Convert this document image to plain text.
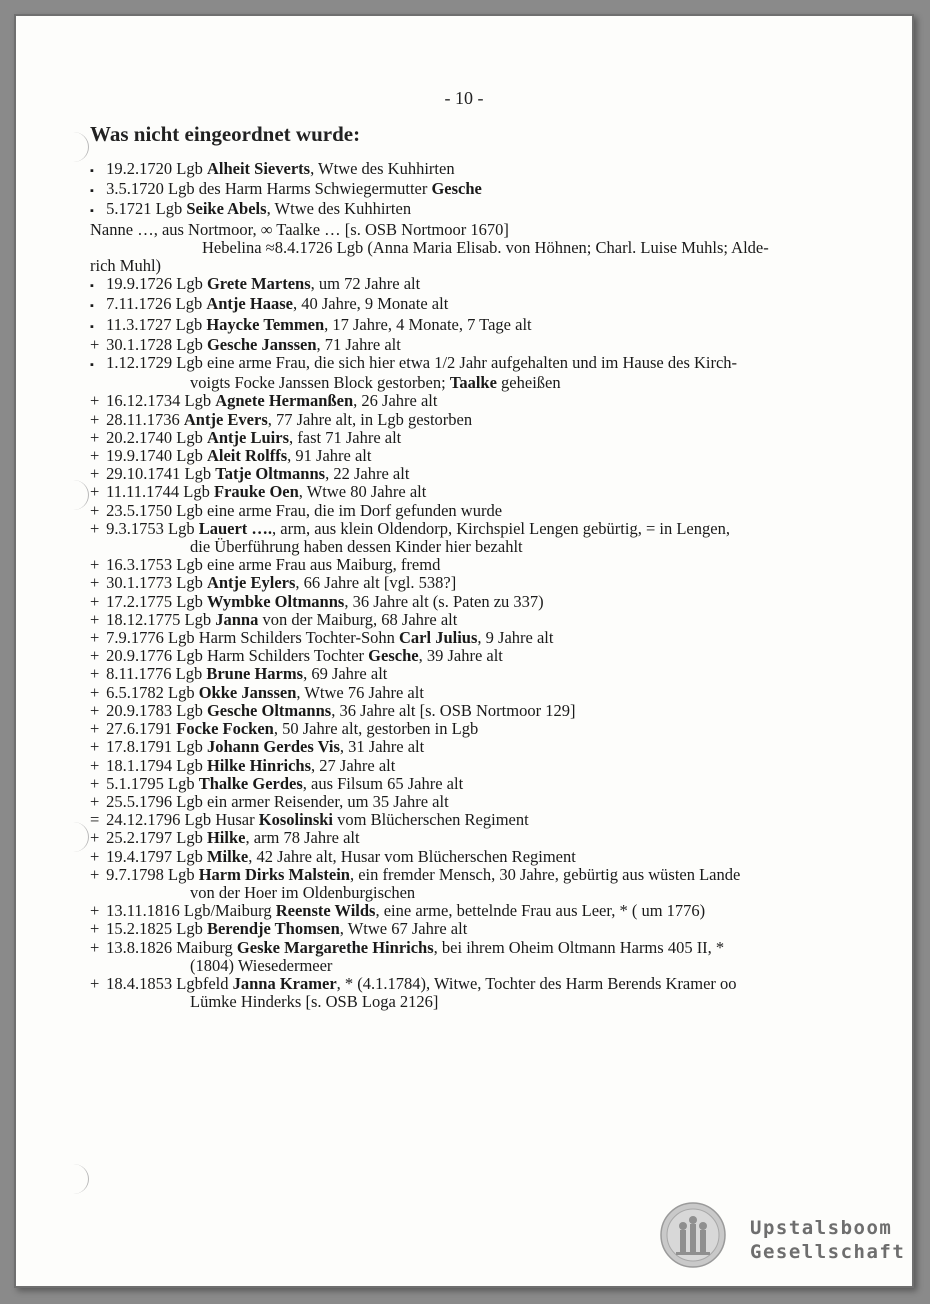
- 10 -
Was nicht eingeordnet wurde:
▪ 19.2.1720 Lgb Alheit Sieverts, Wtwe des Kuhhirten
▪ 3.5.1720 Lgb des Harm Harms Schwiegermutter Gesche
▪ 5.1721 Lgb Seike Abels, Wtwe des Kuhhirten
Nanne …, aus Nortmoor, ∞ Taalke … [s. OSB Nortmoor 1670]
Hebelina ≈8.4.1726 Lgb (Anna Maria Elisab. von Höhnen; Charl. Luise Muhls; Alde-
rich Muhl)
▪ 19.9.1726 Lgb Grete Martens, um 72 Jahre alt
▪ 7.11.1726 Lgb Antje Haase, 40 Jahre, 9 Monate alt
▪ 11.3.1727 Lgb Haycke Temmen, 17 Jahre, 4 Monate, 7 Tage alt
+ 30.1.1728 Lgb Gesche Janssen, 71 Jahre alt
▪ 1.12.1729 Lgb eine arme Frau, die sich hier etwa 1/2 Jahr aufgehalten und im Hause des Kirch-
voigts Focke Janssen Block gestorben; Taalke geheißen
+ 16.12.1734 Lgb Agnete Hermanßen, 26 Jahre alt
+ 28.11.1736 Antje Evers, 77 Jahre alt, in Lgb gestorben
+ 20.2.1740 Lgb Antje Luirs, fast 71 Jahre alt
+ 19.9.1740 Lgb Aleit Rolffs, 91 Jahre alt
+ 29.10.1741 Lgb Tatje Oltmanns, 22 Jahre alt
+ 11.11.1744 Lgb Frauke Oen, Wtwe 80 Jahre alt
+ 23.5.1750 Lgb eine arme Frau, die im Dorf gefunden wurde
+ 9.3.1753 Lgb Lauert …., arm, aus klein Oldendorp, Kirchspiel Lengen gebürtig, = in Lengen,
die Überführung haben dessen Kinder hier bezahlt
+ 16.3.1753 Lgb eine arme Frau aus Maiburg, fremd
+ 30.1.1773 Lgb Antje Eylers, 66 Jahre alt [vgl. 538?]
+ 17.2.1775 Lgb Wymbke Oltmanns, 36 Jahre alt (s. Paten zu 337)
+ 18.12.1775 Lgb Janna von der Maiburg, 68 Jahre alt
+ 7.9.1776 Lgb Harm Schilders Tochter-Sohn Carl Julius, 9 Jahre alt
+ 20.9.1776 Lgb Harm Schilders Tochter Gesche, 39 Jahre alt
+ 8.11.1776 Lgb Brune Harms, 69 Jahre alt
+ 6.5.1782 Lgb Okke Janssen, Wtwe 76 Jahre alt
+ 20.9.1783 Lgb Gesche Oltmanns, 36 Jahre alt [s. OSB Nortmoor 129]
+ 27.6.1791 Focke Focken, 50 Jahre alt, gestorben in Lgb
+ 17.8.1791 Lgb Johann Gerdes Vis, 31 Jahre alt
+ 18.1.1794 Lgb Hilke Hinrichs, 27 Jahre alt
+ 5.1.1795 Lgb Thalke Gerdes, aus Filsum 65 Jahre alt
+ 25.5.1796 Lgb ein armer Reisender, um 35 Jahre alt
= 24.12.1796 Lgb Husar Kosolinski vom Blücherschen Regiment
+ 25.2.1797 Lgb Hilke, arm 78 Jahre alt
+ 19.4.1797 Lgb Milke, 42 Jahre alt, Husar vom Blücherschen Regiment
+ 9.7.1798 Lgb Harm Dirks Malstein, ein fremder Mensch, 30 Jahre, gebürtig aus wüsten Lande
von der Hoer im Oldenburgischen
+ 13.11.1816 Lgb/Maiburg Reenste Wilds, eine arme, bettelnde Frau aus Leer, * ( um 1776)
+ 15.2.1825 Lgb Berendje Thomsen, Wtwe 67 Jahre alt
+ 13.8.1826 Maiburg Geske Margarethe Hinrichs, bei ihrem Oheim Oltmann Harms 405 II, *
(1804) Wiesedermeer
+ 18.4.1853 Lgbfeld Janna Kramer, * (4.1.1784), Witwe, Tochter des Harm Berends Kramer oo
Lümke Hinderks [s. OSB Loga 2126]
Upstalsboom
Gesellschaft
